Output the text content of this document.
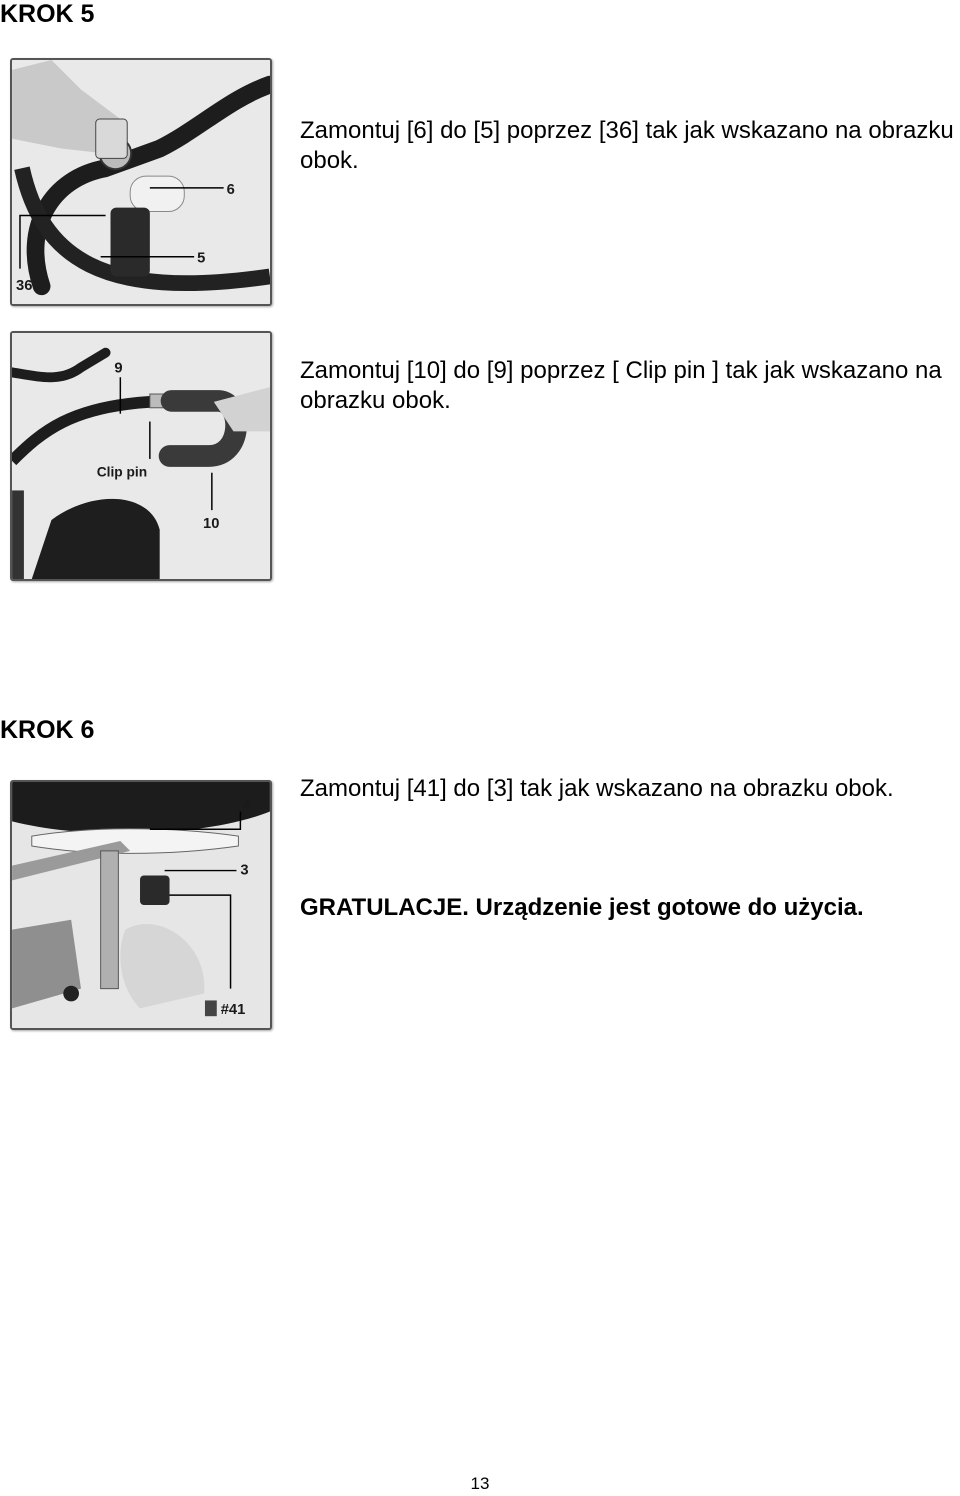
KROK 5
6
5
36
Zamontuj [6] do [5] poprzez [36] tak jak wskazano na obrazku obok.
9
Clip pin
10
Zamontuj [10] do [9] poprzez [ Clip pin ] tak jak wskazano na obrazku obok.
KROK 6
4
3
#41
Zamontuj [41] do [3] tak jak wskazano na obrazku obok.
GRATULACJE. Urządzenie jest gotowe do użycia.
13
